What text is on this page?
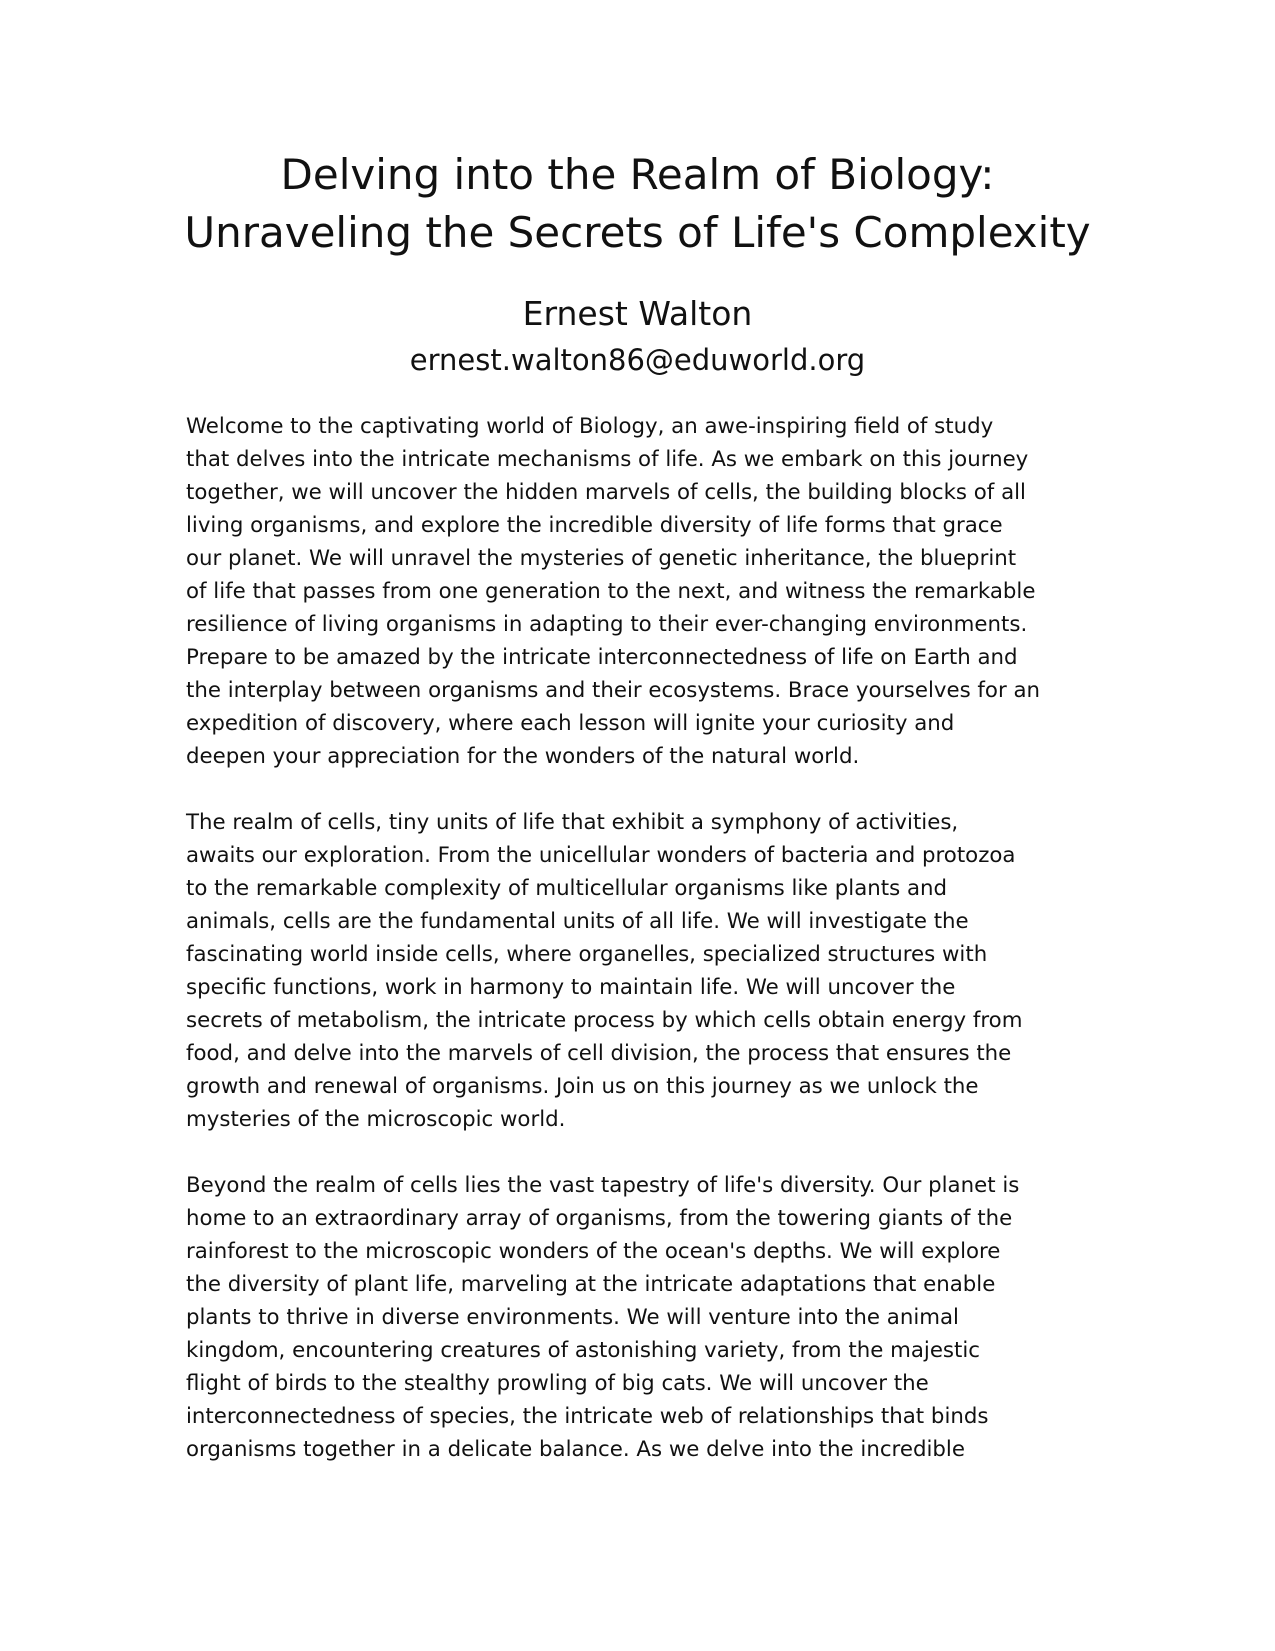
Delving into the Realm of Biology:
Unraveling the Secrets of Life's Complexity
Ernest Walton
ernest.walton86@eduworld.org

Welcome to the captivating world of Biology, an awe-inspiring field of study
that delves into the intricate mechanisms of life. As we embark on this journey
together, we will uncover the hidden marvels of cells, the building blocks of all
living organisms, and explore the incredible diversity of life forms that grace
our planet. We will unravel the mysteries of genetic inheritance, the blueprint
of life that passes from one generation to the next, and witness the remarkable
resilience of living organisms in adapting to their ever-changing environments.
Prepare to be amazed by the intricate interconnectedness of life on Earth and
the interplay between organisms and their ecosystems. Brace yourselves for an
expedition of discovery, where each lesson will ignite your curiosity and
deepen your appreciation for the wonders of the natural world.

The realm of cells, tiny units of life that exhibit a symphony of activities,
awaits our exploration. From the unicellular wonders of bacteria and protozoa
to the remarkable complexity of multicellular organisms like plants and
animals, cells are the fundamental units of all life. We will investigate the
fascinating world inside cells, where organelles, specialized structures with
specific functions, work in harmony to maintain life. We will uncover the
secrets of metabolism, the intricate process by which cells obtain energy from
food, and delve into the marvels of cell division, the process that ensures the
growth and renewal of organisms. Join us on this journey as we unlock the
mysteries of the microscopic world.

Beyond the realm of cells lies the vast tapestry of life's diversity. Our planet is
home to an extraordinary array of organisms, from the towering giants of the
rainforest to the microscopic wonders of the ocean's depths. We will explore
the diversity of plant life, marveling at the intricate adaptations that enable
plants to thrive in diverse environments. We will venture into the animal
kingdom, encountering creatures of astonishing variety, from the majestic
flight of birds to the stealthy prowling of big cats. We will uncover the
interconnectedness of species, the intricate web of relationships that binds
organisms together in a delicate balance. As we delve into the incredible
